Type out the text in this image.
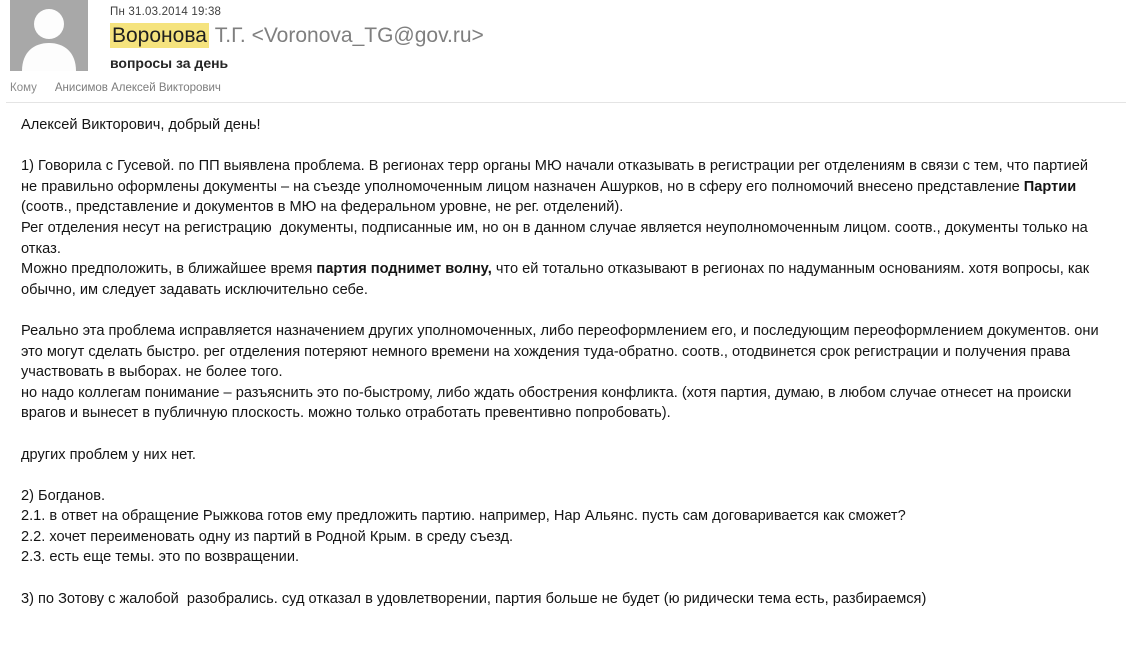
Пн 31.03.2014 19:38
Воронова Т.Г. <Voronova_TG@gov.ru>
вопросы за день
Кому Анисимов Алексей Викторович
Алексей Викторович, добрый день!

1) Говорила с Гусевой. по ПП выявлена проблема. В регионах терр органы МЮ начали отказывать в регистрации рег отделениям в связи с тем, что партией
не правильно оформлены документы – на съезде уполномоченным лицом назначен Ашурков, но в сферу его полномочий внесено представление Партии
(соотв., представление и документов в МЮ на федеральном уровне, не рег. отделений).
Рег отделения несут на регистрацию  документы, подписанные им, но он в данном случае является неуполномоченным лицом. соотв., документы только на
отказ.
Можно предположить, в ближайшее время партия поднимет волну, что ей тотально отказывают в регионах по надуманным основаниям. хотя вопросы, как
обычно, им следует задавать исключительно себе.

Реально эта проблема исправляется назначением других уполномоченных, либо переоформлением его, и последующим переоформлением документов. они
это могут сделать быстро. рег отделения потеряют немного времени на хождения туда-обратно. соотв., отодвинется срок регистрации и получения права
участвовать в выборах. не более того.
но надо коллегам понимание – разъяснить это по-быстрому, либо ждать обострения конфликта. (хотя партия, думаю, в любом случае отнесет на происки
врагов и вынесет в публичную плоскость. можно только отработать превентивно попробовать).

других проблем у них нет.

2) Богданов.
2.1. в ответ на обращение Рыжкова готов ему предложить партию. например, Нар Альянс. пусть сам договаривается как сможет?
2.2. хочет переименовать одну из партий в Родной Крым. в среду съезд.
2.3. есть еще темы. это по возвращении.

3) по Зотову с жалобой  разобрались. суд отказал в удовлетворении, партия больше не будет (ю ридически тема есть, разбираемся)
